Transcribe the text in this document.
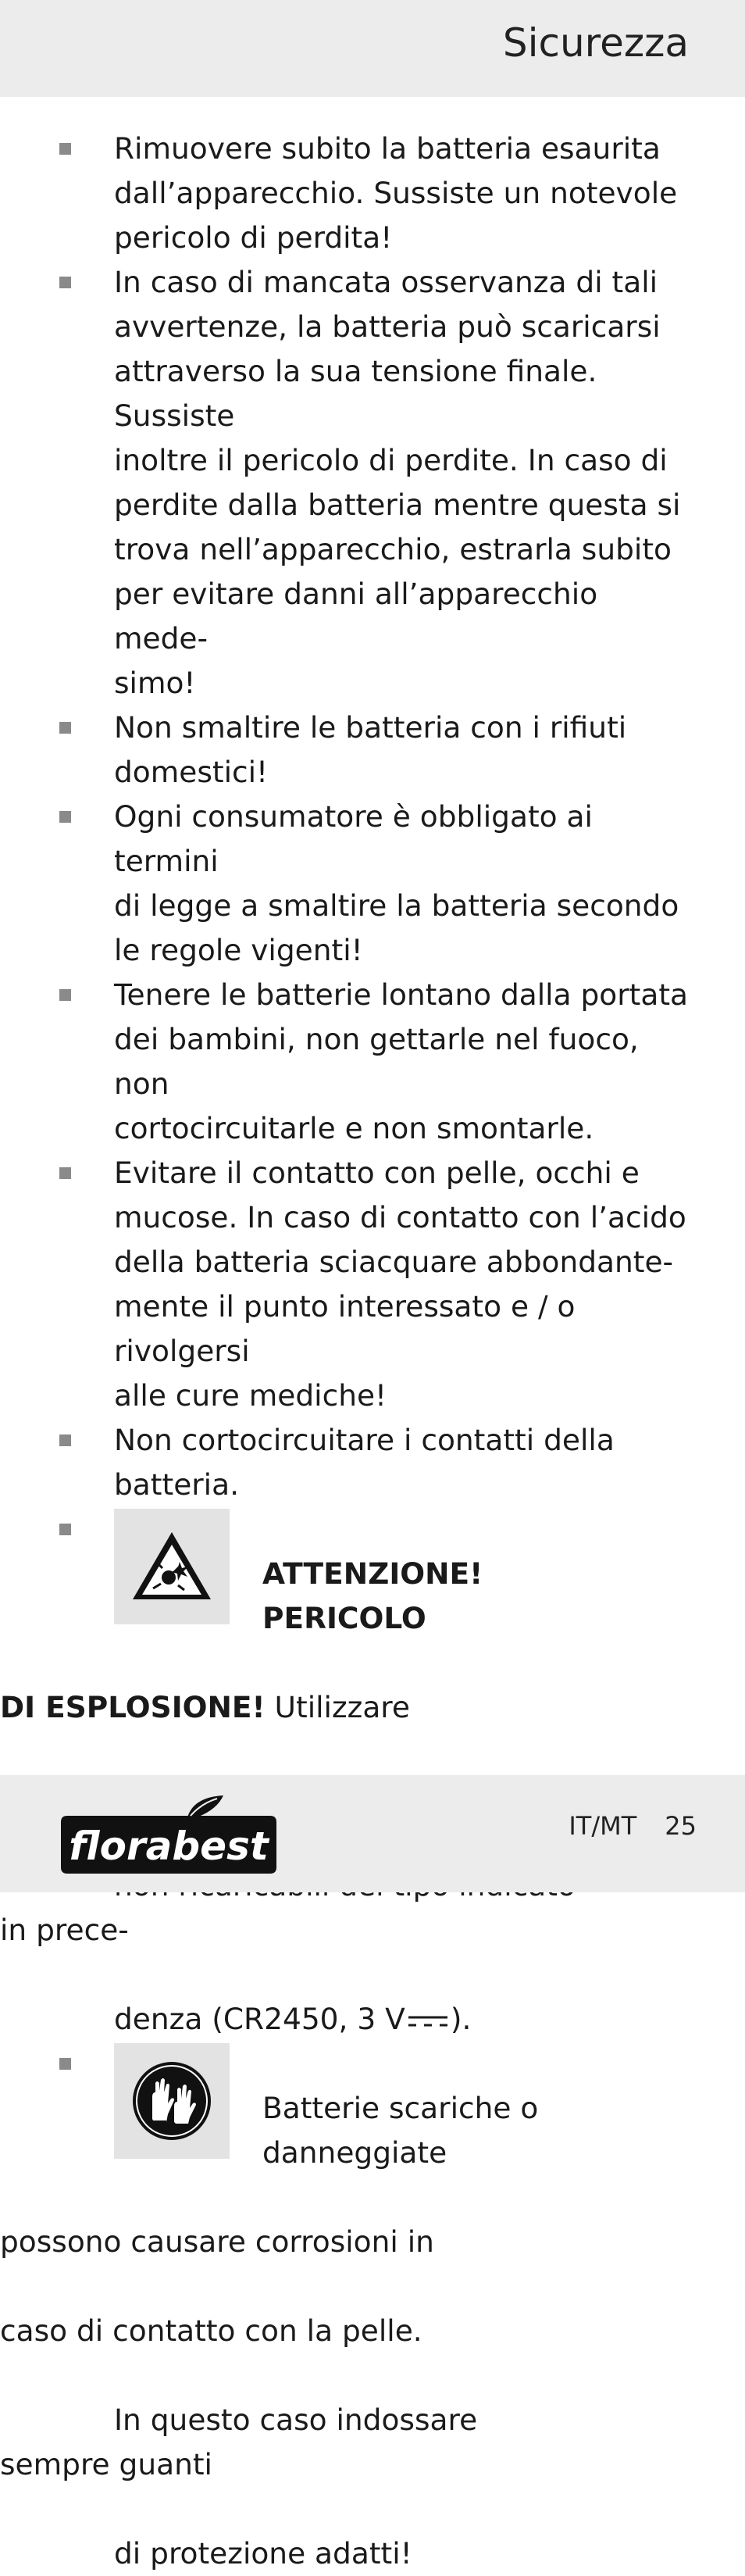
Sicurezza
Rimuovere subito la batteria esaurita
dall’apparecchio. Sussiste un notevole
pericolo di perdita!
In caso di mancata osservanza di tali
avvertenze, la batteria può scaricarsi
attraverso la sua tensione finale. Sussiste
inoltre il pericolo di perdite. In caso di
perdite dalla batteria mentre questa si
trova nell’apparecchio, estrarla subito
per evitare danni all’apparecchio mede-
simo!
Non smaltire le batteria con i rifiuti
domestici!
Ogni consumatore è obbligato ai termini
di legge a smaltire la batteria secondo
le regole vigenti!
Tenere le batterie lontano dalla portata
dei bambini, non gettarle nel fuoco, non
cortocircuitarle e non smontarle.
Evitare il contatto con pelle, occhi e
mucose. In caso di contatto con l’acido
della batteria sciacquare abbondante-
mente il punto interessato e / o rivolgersi
alle cure mediche!
Non cortocircuitare i contatti della batteria.

ATTENZIONE! PERICOLO

DI ESPLOSIONE! Utilizzare

in prece-

denza (CR2450, 3 V ).

Batterie scariche o danneggiate

possono causare corrosioni in

caso di contatto con la pelle.

In questo caso indossare sempre guanti

di protezione adatti!

florabest	IT/MT 25
